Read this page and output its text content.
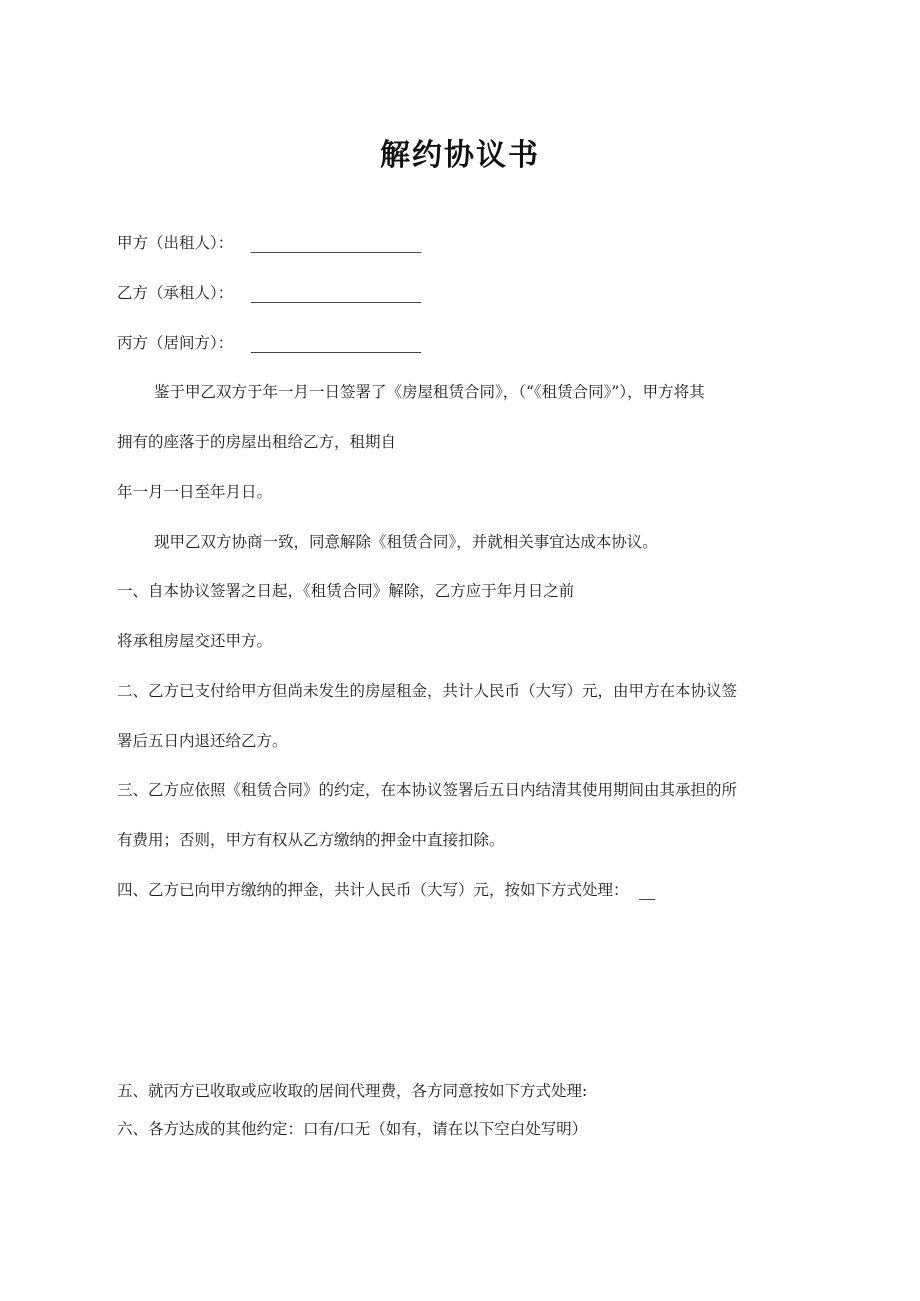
解约协议书
甲方（出租人）：
乙方（承租人）：
丙方（居间方）：
鉴于甲乙双方于年一月一日签署了《房屋租赁合同》，（“《租赁合同》”），甲方将其
拥有的座落于的房屋出租给乙方，租期自
年一月一日至年月日。
现甲乙双方协商一致，同意解除《租赁合同》，并就相关事宜达成本协议。
一、自本协议签署之日起，《租赁合同》解除，乙方应于年月日之前
将承租房屋交还甲方。
二、乙方已支付给甲方但尚未发生的房屋租金，共计人民币（大写）元，由甲方在本协议签
署后五日内退还给乙方。
三、乙方应依照《租赁合同》的约定，在本协议签署后五日内结清其使用期间由其承担的所
有费用；否则，甲方有权从乙方缴纳的押金中直接扣除。
四、乙方已向甲方缴纳的押金，共计人民币（大写）元，按如下方式处理：
五、就丙方已收取或应收取的居间代理费，各方同意按如下方式处理:
六、各方达成的其他约定：口有/口无（如有，请在以下空白处写明）
